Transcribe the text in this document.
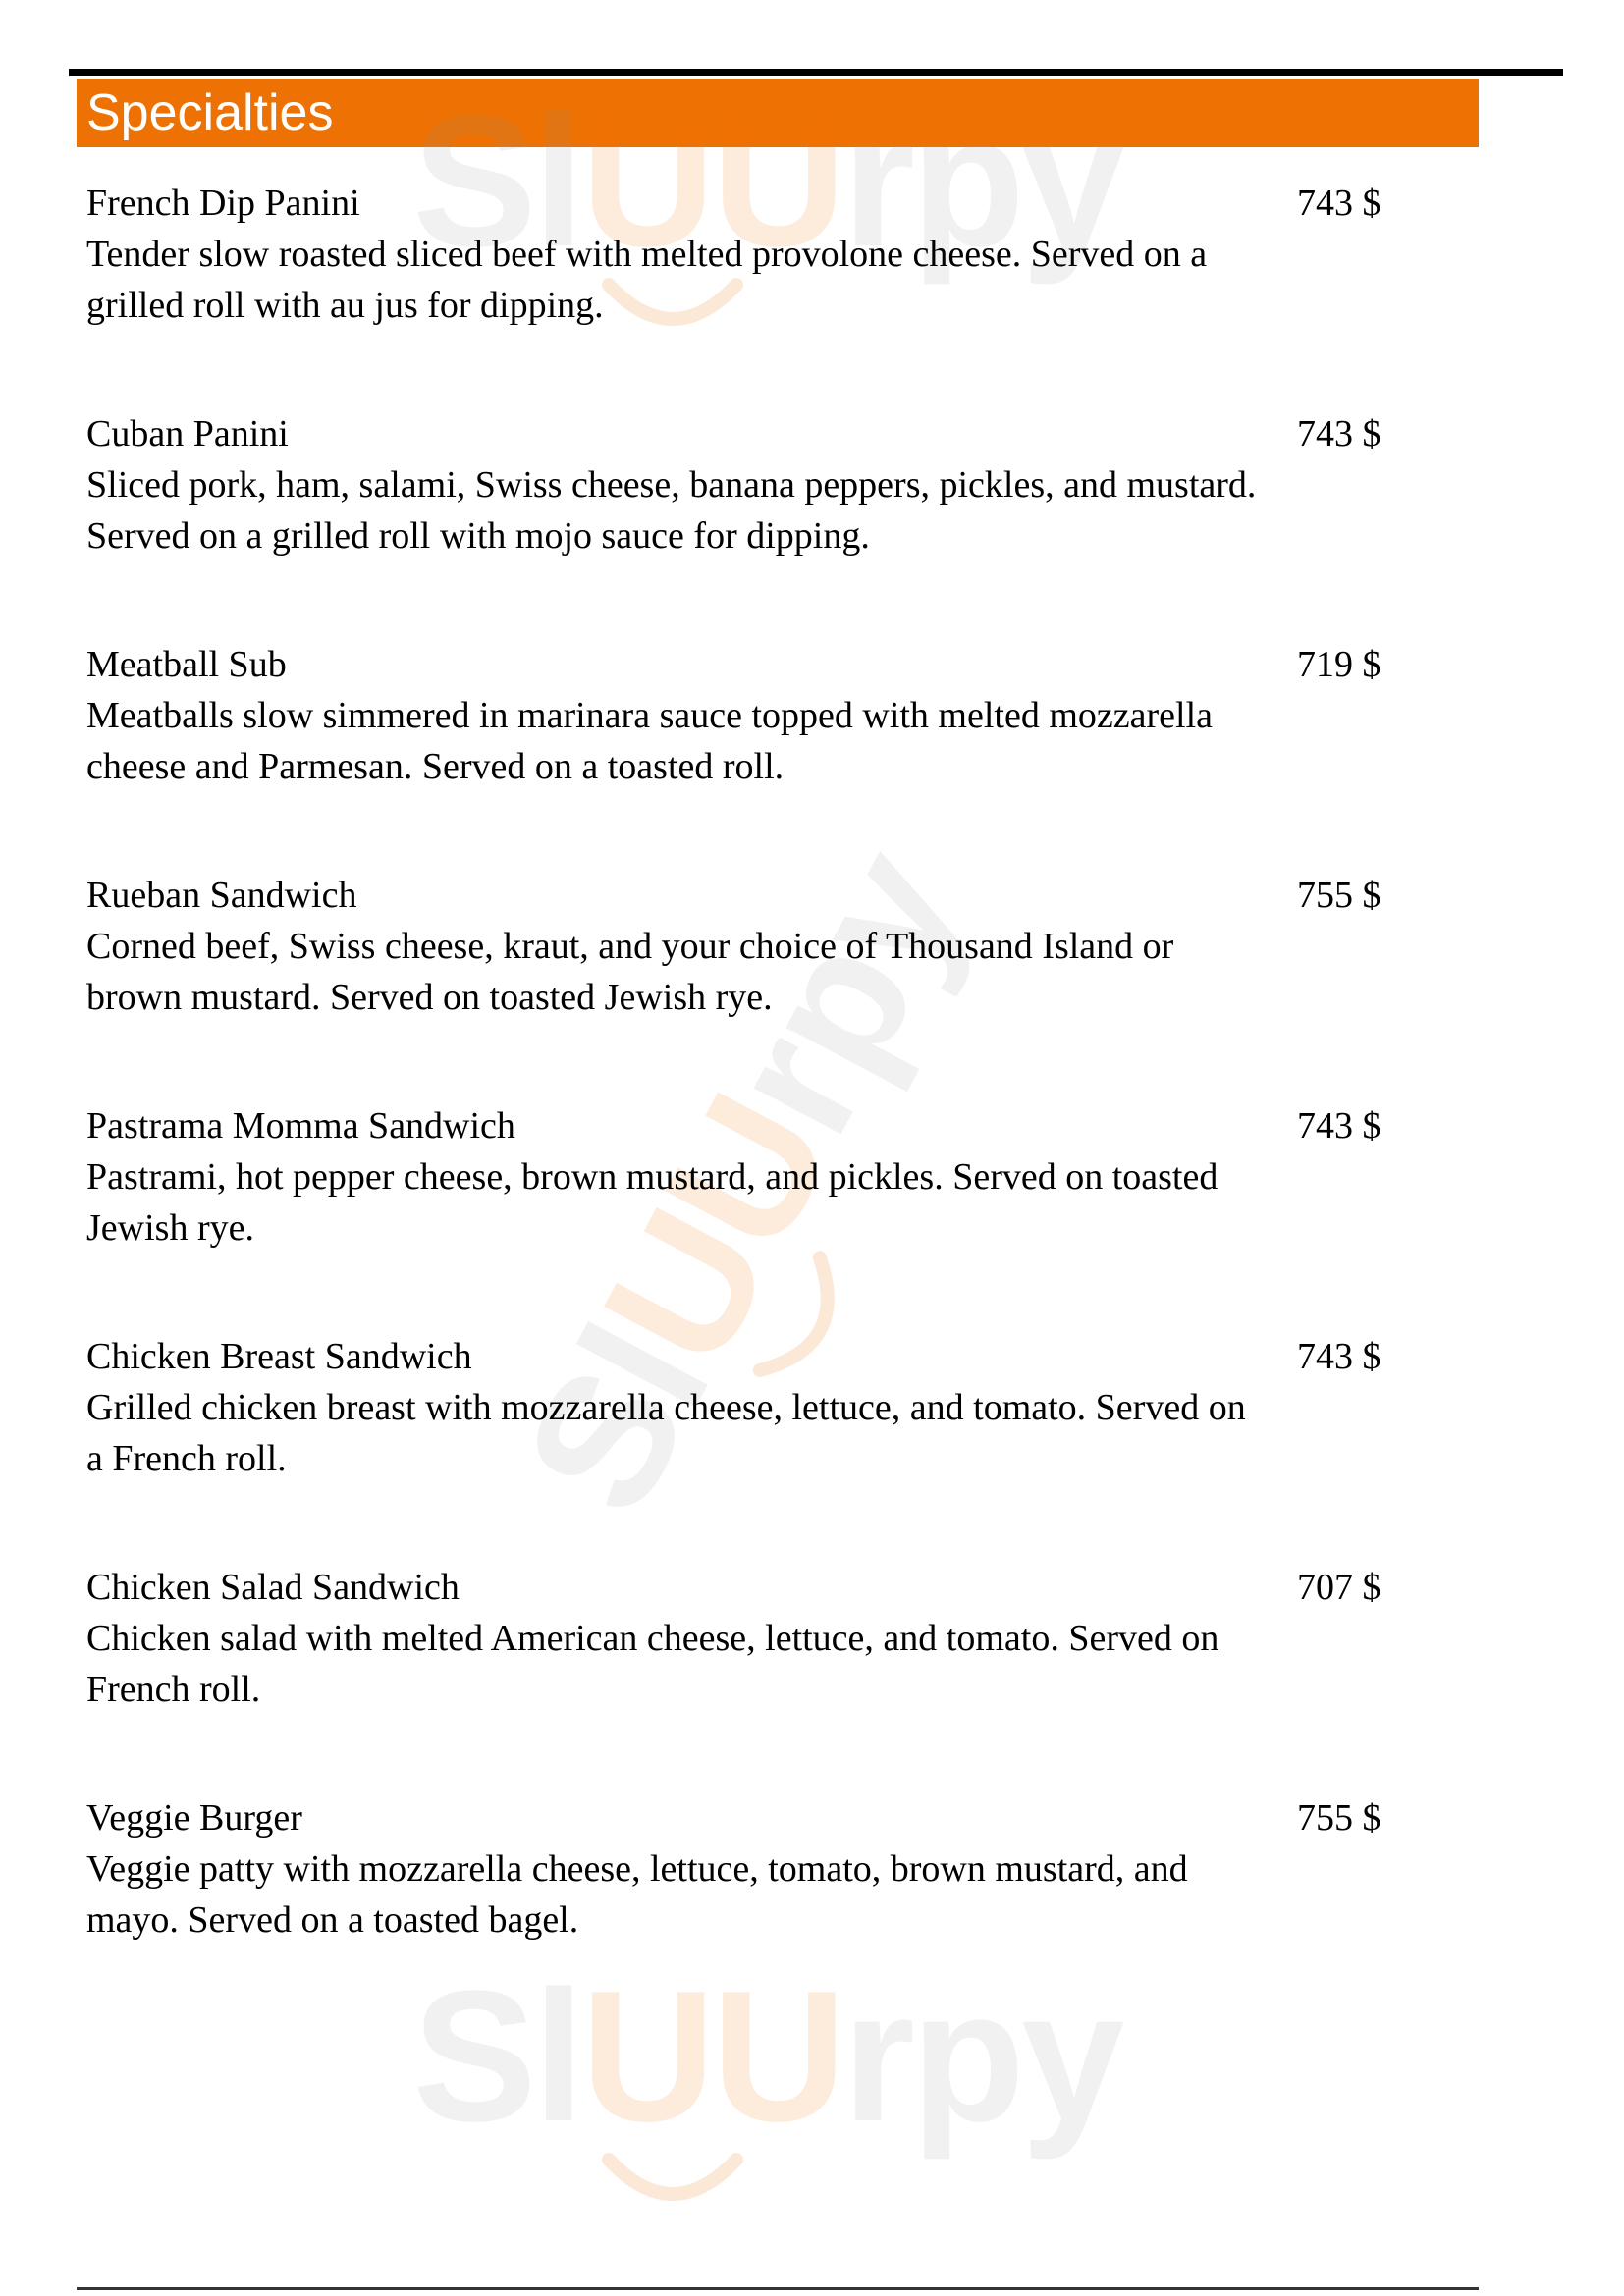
Specialties SlUUrpy
SlUUrpy
SlUUrpy
French Dip Panini	743 $
Tender slow roasted sliced beef with melted provolone cheese. Served on a grilled roll with au jus for dipping.
Cuban Panini	743 $
Sliced pork, ham, salami, Swiss cheese, banana peppers, pickles, and mustard. Served on a grilled roll with mojo sauce for dipping.
Meatball Sub	719 $
Meatballs slow simmered in marinara sauce topped with melted mozzarella cheese and Parmesan. Served on a toasted roll.
Rueban Sandwich	755 $
Corned beef, Swiss cheese, kraut, and your choice of Thousand Island or brown mustard. Served on toasted Jewish rye.
Pastrama Momma Sandwich	743 $
Pastrami, hot pepper cheese, brown mustard, and pickles. Served on toasted Jewish rye.
Chicken Breast Sandwich	743 $
Grilled chicken breast with mozzarella cheese, lettuce, and tomato. Served on a French roll.
Chicken Salad Sandwich	707 $
Chicken salad with melted American cheese, lettuce, and tomato. Served on French roll.
Veggie Burger	755 $
Veggie patty with mozzarella cheese, lettuce, tomato, brown mustard, and mayo. Served on a toasted bagel.
